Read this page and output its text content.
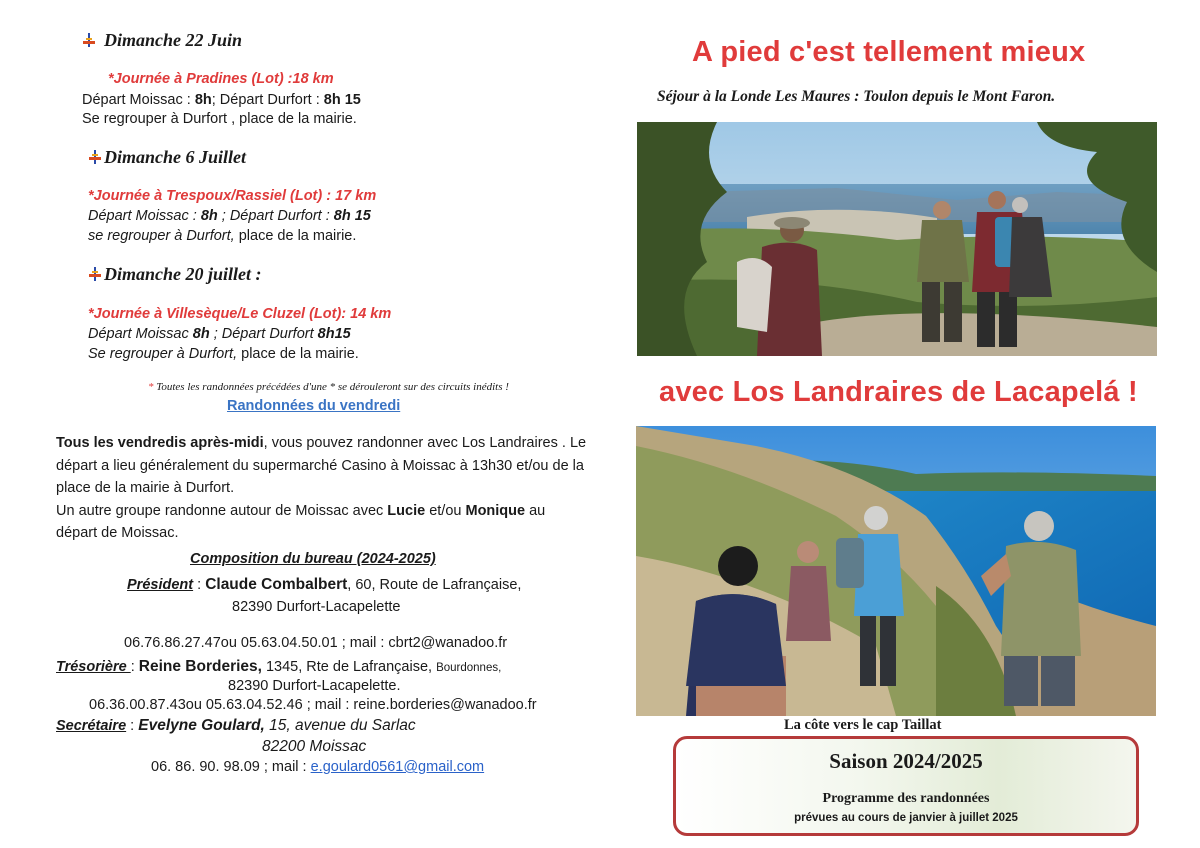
Dimanche 22 Juin
*Journée à Pradines (Lot) :18 km
Départ Moissac : 8h; Départ Durfort : 8h 15
Se regrouper à Durfort , place de la mairie.
Dimanche 6 Juillet
*Journée à Trespoux/Rassiel (Lot) : 17 km
Départ Moissac : 8h ; Départ Durfort : 8h 15
se regrouper à Durfort, place de la mairie.
Dimanche 20 juillet :
*Journée à Villesèque/Le Cluzel (Lot): 14 km
Départ Moissac 8h ; Départ Durfort 8h15
Se regrouper à Durfort, place de la mairie.
* Toutes les randonnées précédées d'une * se dérouleront sur des circuits inédits !
Randonnées du vendredi
Tous les vendredis après-midi, vous pouvez randonner avec Los Landraires . Le
départ a lieu généralement du supermarché Casino à Moissac à 13h30 et/ou de la
place de la mairie à Durfort.
Un autre groupe randonne autour de Moissac avec Lucie et/ou Monique au
départ de Moissac.
Composition du bureau (2024-2025)
Président : Claude Combalbert, 60, Route de Lafrançaise,
82390 Durfort-Lacapelette
06.76.86.27.47ou 05.63.04.50.01 ; mail : cbrt2@wanadoo.fr
Trésorière : Reine Borderies, 1345, Rte de Lafrançaise, Bourdonnes,
82390 Durfort-Lacapelette.
06.36.00.87.43ou 05.63.04.52.46 ; mail : reine.borderies@wanadoo.fr
Secrétaire : Evelyne Goulard, 15, avenue du Sarlac
82200 Moissac
06. 86. 90. 98.09 ; mail : e.goulard0561@gmail.com
A pied c'est tellement mieux
Séjour à la Londe Les Maures : Toulon depuis le Mont Faron.
avec Los Landraires de Lacapelá !
La côte vers le cap Taillat
Saison 2024/2025
Programme des randonnées
prévues au cours de janvier à juillet 2025
